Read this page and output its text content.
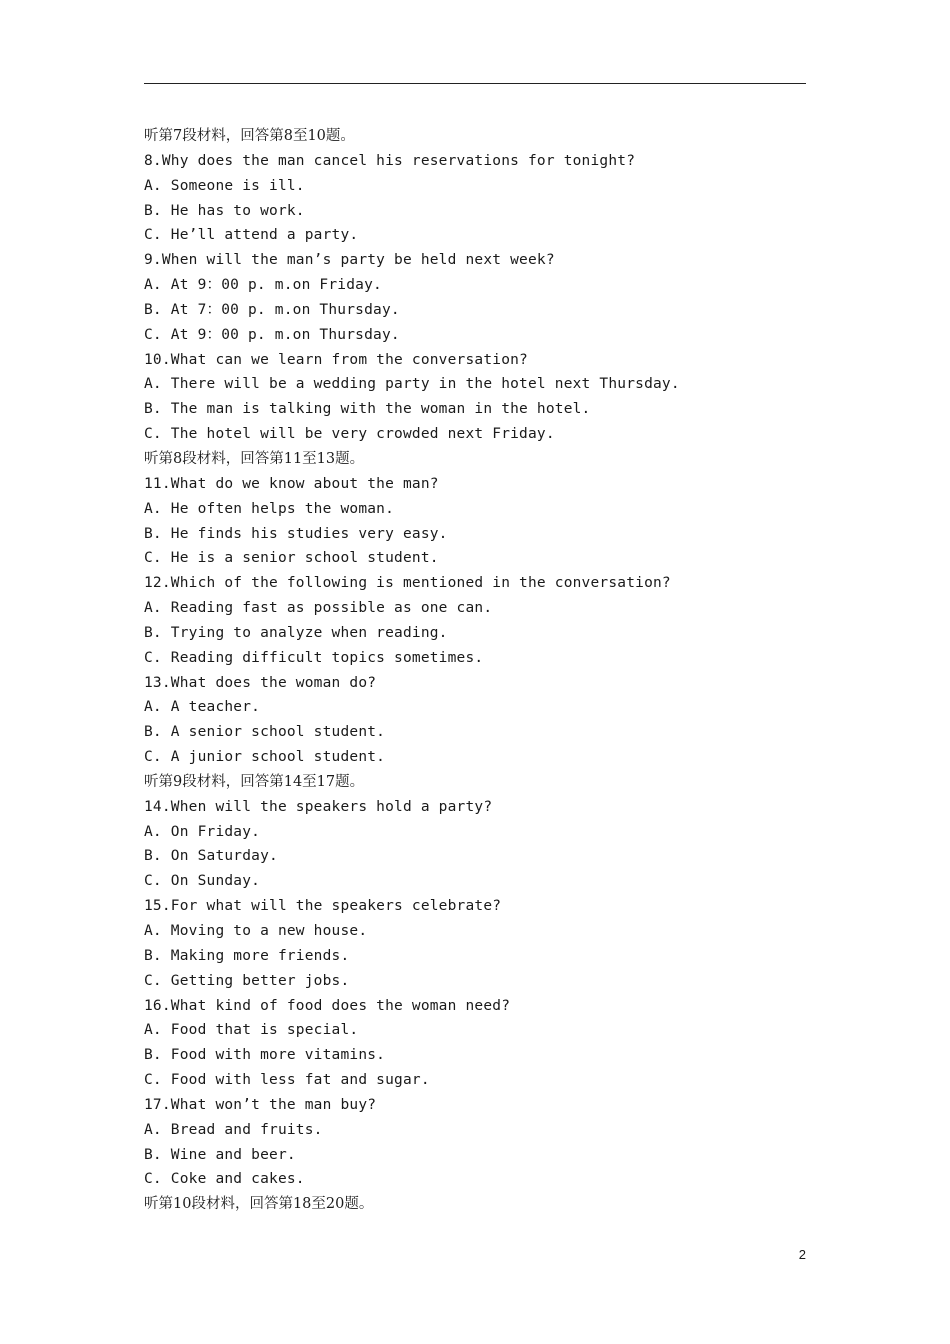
听第7段材料，回答第8至10题。
8.Why does the man cancel his reservations for tonight?
A. Someone is ill.
B. He has to work.
C. He’ll attend a party.
9.When will the man’s party be held next week?
A. At 9：00 p. m.on Friday.
B. At 7：00 p. m.on Thursday.
C. At 9：00 p. m.on Thursday.
10.What can we learn from the conversation?
A. There will be a wedding party in the hotel next Thursday.
B. The man is talking with the woman in the hotel.
C. The hotel will be very crowded next Friday.
听第8段材料，回答第11至13题。
11.What do we know about the man?
A. He often helps the woman.
B. He finds his studies very easy.
C. He is a senior school student.
12.Which of the following is mentioned in the conversation?
A. Reading fast as possible as one can.
B. Trying to analyze when reading.
C. Reading difficult topics sometimes.
13.What does the woman do?
A. A teacher.
B. A senior school student.
C. A junior school student.
听第9段材料，回答第14至17题。
14.When will the speakers hold a party?
A. On Friday.
B. On Saturday.
C. On Sunday.
15.For what will the speakers celebrate?
A. Moving to a new house.
B. Making more friends.
C. Getting better jobs.
16.What kind of food does the woman need?
A. Food that is special.
B. Food with more vitamins.
C. Food with less fat and sugar.
17.What won’t the man buy?
A. Bread and fruits.
B. Wine and beer.
C. Coke and cakes.
听第10段材料，回答第18至20题。
2
